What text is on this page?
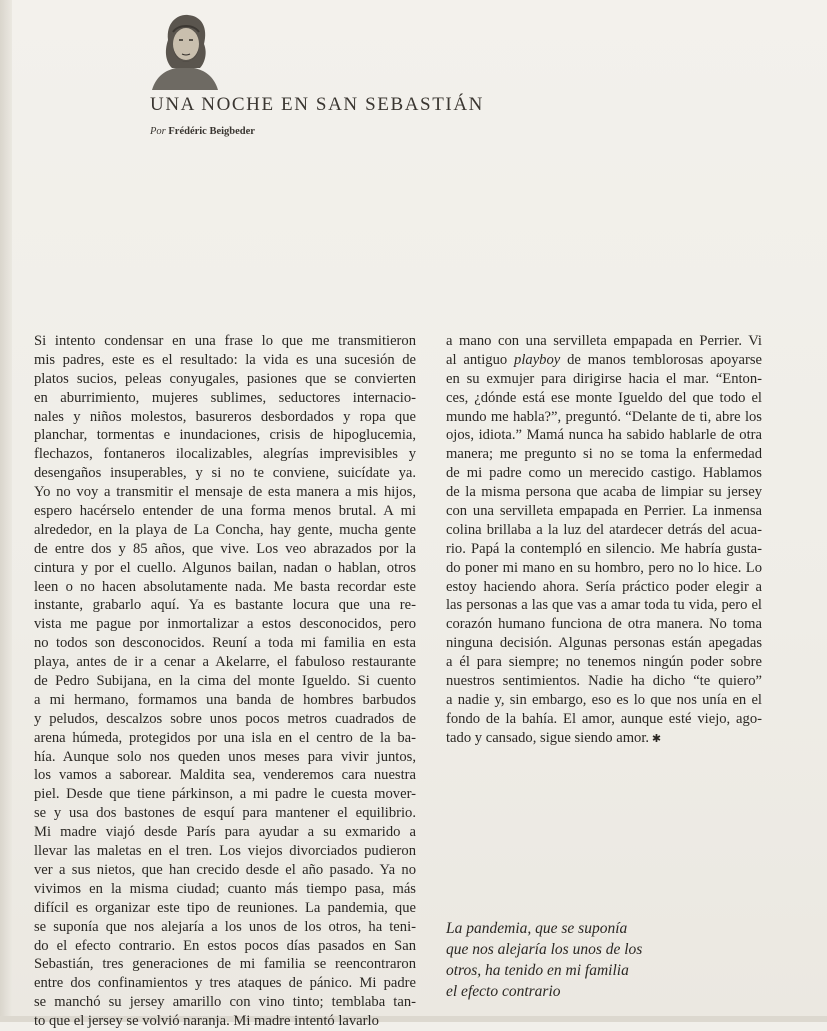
UNA NOCHE EN SAN SEBASTIÁN
Por Frédéric Beigbeder
Si intento condensar en una frase lo que me transmitieron
mis padres, este es el resultado: la vida es una sucesión de
platos sucios, peleas conyugales, pasiones que se convierten
en aburrimiento, mujeres sublimes, seductores internacio-
nales y niños molestos, basureros desbordados y ropa que
planchar, tormentas e inundaciones, crisis de hipoglucemia,
flechazos, fontaneros ilocalizables, alegrías imprevisibles y
desengaños insuperables, y si no te conviene, suicídate ya.
Yo no voy a transmitir el mensaje de esta manera a mis hijos,
espero hacérselo entender de una forma menos brutal. A mi
alrededor, en la playa de La Concha, hay gente, mucha gente
de entre dos y 85 años, que vive. Los veo abrazados por la
cintura y por el cuello. Algunos bailan, nadan o hablan, otros
leen o no hacen absolutamente nada. Me basta recordar este
instante, grabarlo aquí. Ya es bastante locura que una re-
vista me pague por inmortalizar a estos desconocidos, pero
no todos son desconocidos. Reuní a toda mi familia en esta
playa, antes de ir a cenar a Akelarre, el fabuloso restaurante
de Pedro Subijana, en la cima del monte Igueldo. Si cuento
a mi hermano, formamos una banda de hombres barbudos
y peludos, descalzos sobre unos pocos metros cuadrados de
arena húmeda, protegidos por una isla en el centro de la ba-
hía. Aunque solo nos queden unos meses para vivir juntos,
los vamos a saborear. Maldita sea, venderemos cara nuestra
piel. Desde que tiene párkinson, a mi padre le cuesta mover-
se y usa dos bastones de esquí para mantener el equilibrio.
Mi madre viajó desde París para ayudar a su exmarido a
llevar las maletas en el tren. Los viejos divorciados pudieron
ver a sus nietos, que han crecido desde el año pasado. Ya no
vivimos en la misma ciudad; cuanto más tiempo pasa, más
difícil es organizar este tipo de reuniones. La pandemia, que
se suponía que nos alejaría a los unos de los otros, ha teni-
do el efecto contrario. En estos pocos días pasados en San
Sebastián, tres generaciones de mi familia se reencontraron
entre dos confinamientos y tres ataques de pánico. Mi padre
se manchó su jersey amarillo con vino tinto; temblaba tan-
to que el jersey se volvió naranja. Mi madre intentó lavarlo
a mano con una servilleta empapada en Perrier. Vi
al antiguo playboy de manos temblorosas apoyarse
en su exmujer para dirigirse hacia el mar. “Enton-
ces, ¿dónde está ese monte Igueldo del que todo el
mundo me habla?”, preguntó. “Delante de ti, abre los
ojos, idiota.” Mamá nunca ha sabido hablarle de otra
manera; me pregunto si no se toma la enfermedad
de mi padre como un merecido castigo. Hablamos
de la misma persona que acaba de limpiar su jersey
con una servilleta empapada en Perrier. La inmensa
colina brillaba a la luz del atardecer detrás del acua-
rio. Papá la contempló en silencio. Me habría gusta-
do poner mi mano en su hombro, pero no lo hice. Lo
estoy haciendo ahora. Sería práctico poder elegir a
las personas a las que vas a amar toda tu vida, pero el
corazón humano funciona de otra manera. No toma
ninguna decisión. Algunas personas están apegadas
a él para siempre; no tenemos ningún poder sobre
nuestros sentimientos. Nadie ha dicho “te quiero”
a nadie y, sin embargo, eso es lo que nos unía en el
fondo de la bahía. El amor, aunque esté viejo, ago-
tado y cansado, sigue siendo amor. ✱
La pandemia, que se suponía
que nos alejaría los unos de los
otros, ha tenido en mi familia
el efecto contrario
